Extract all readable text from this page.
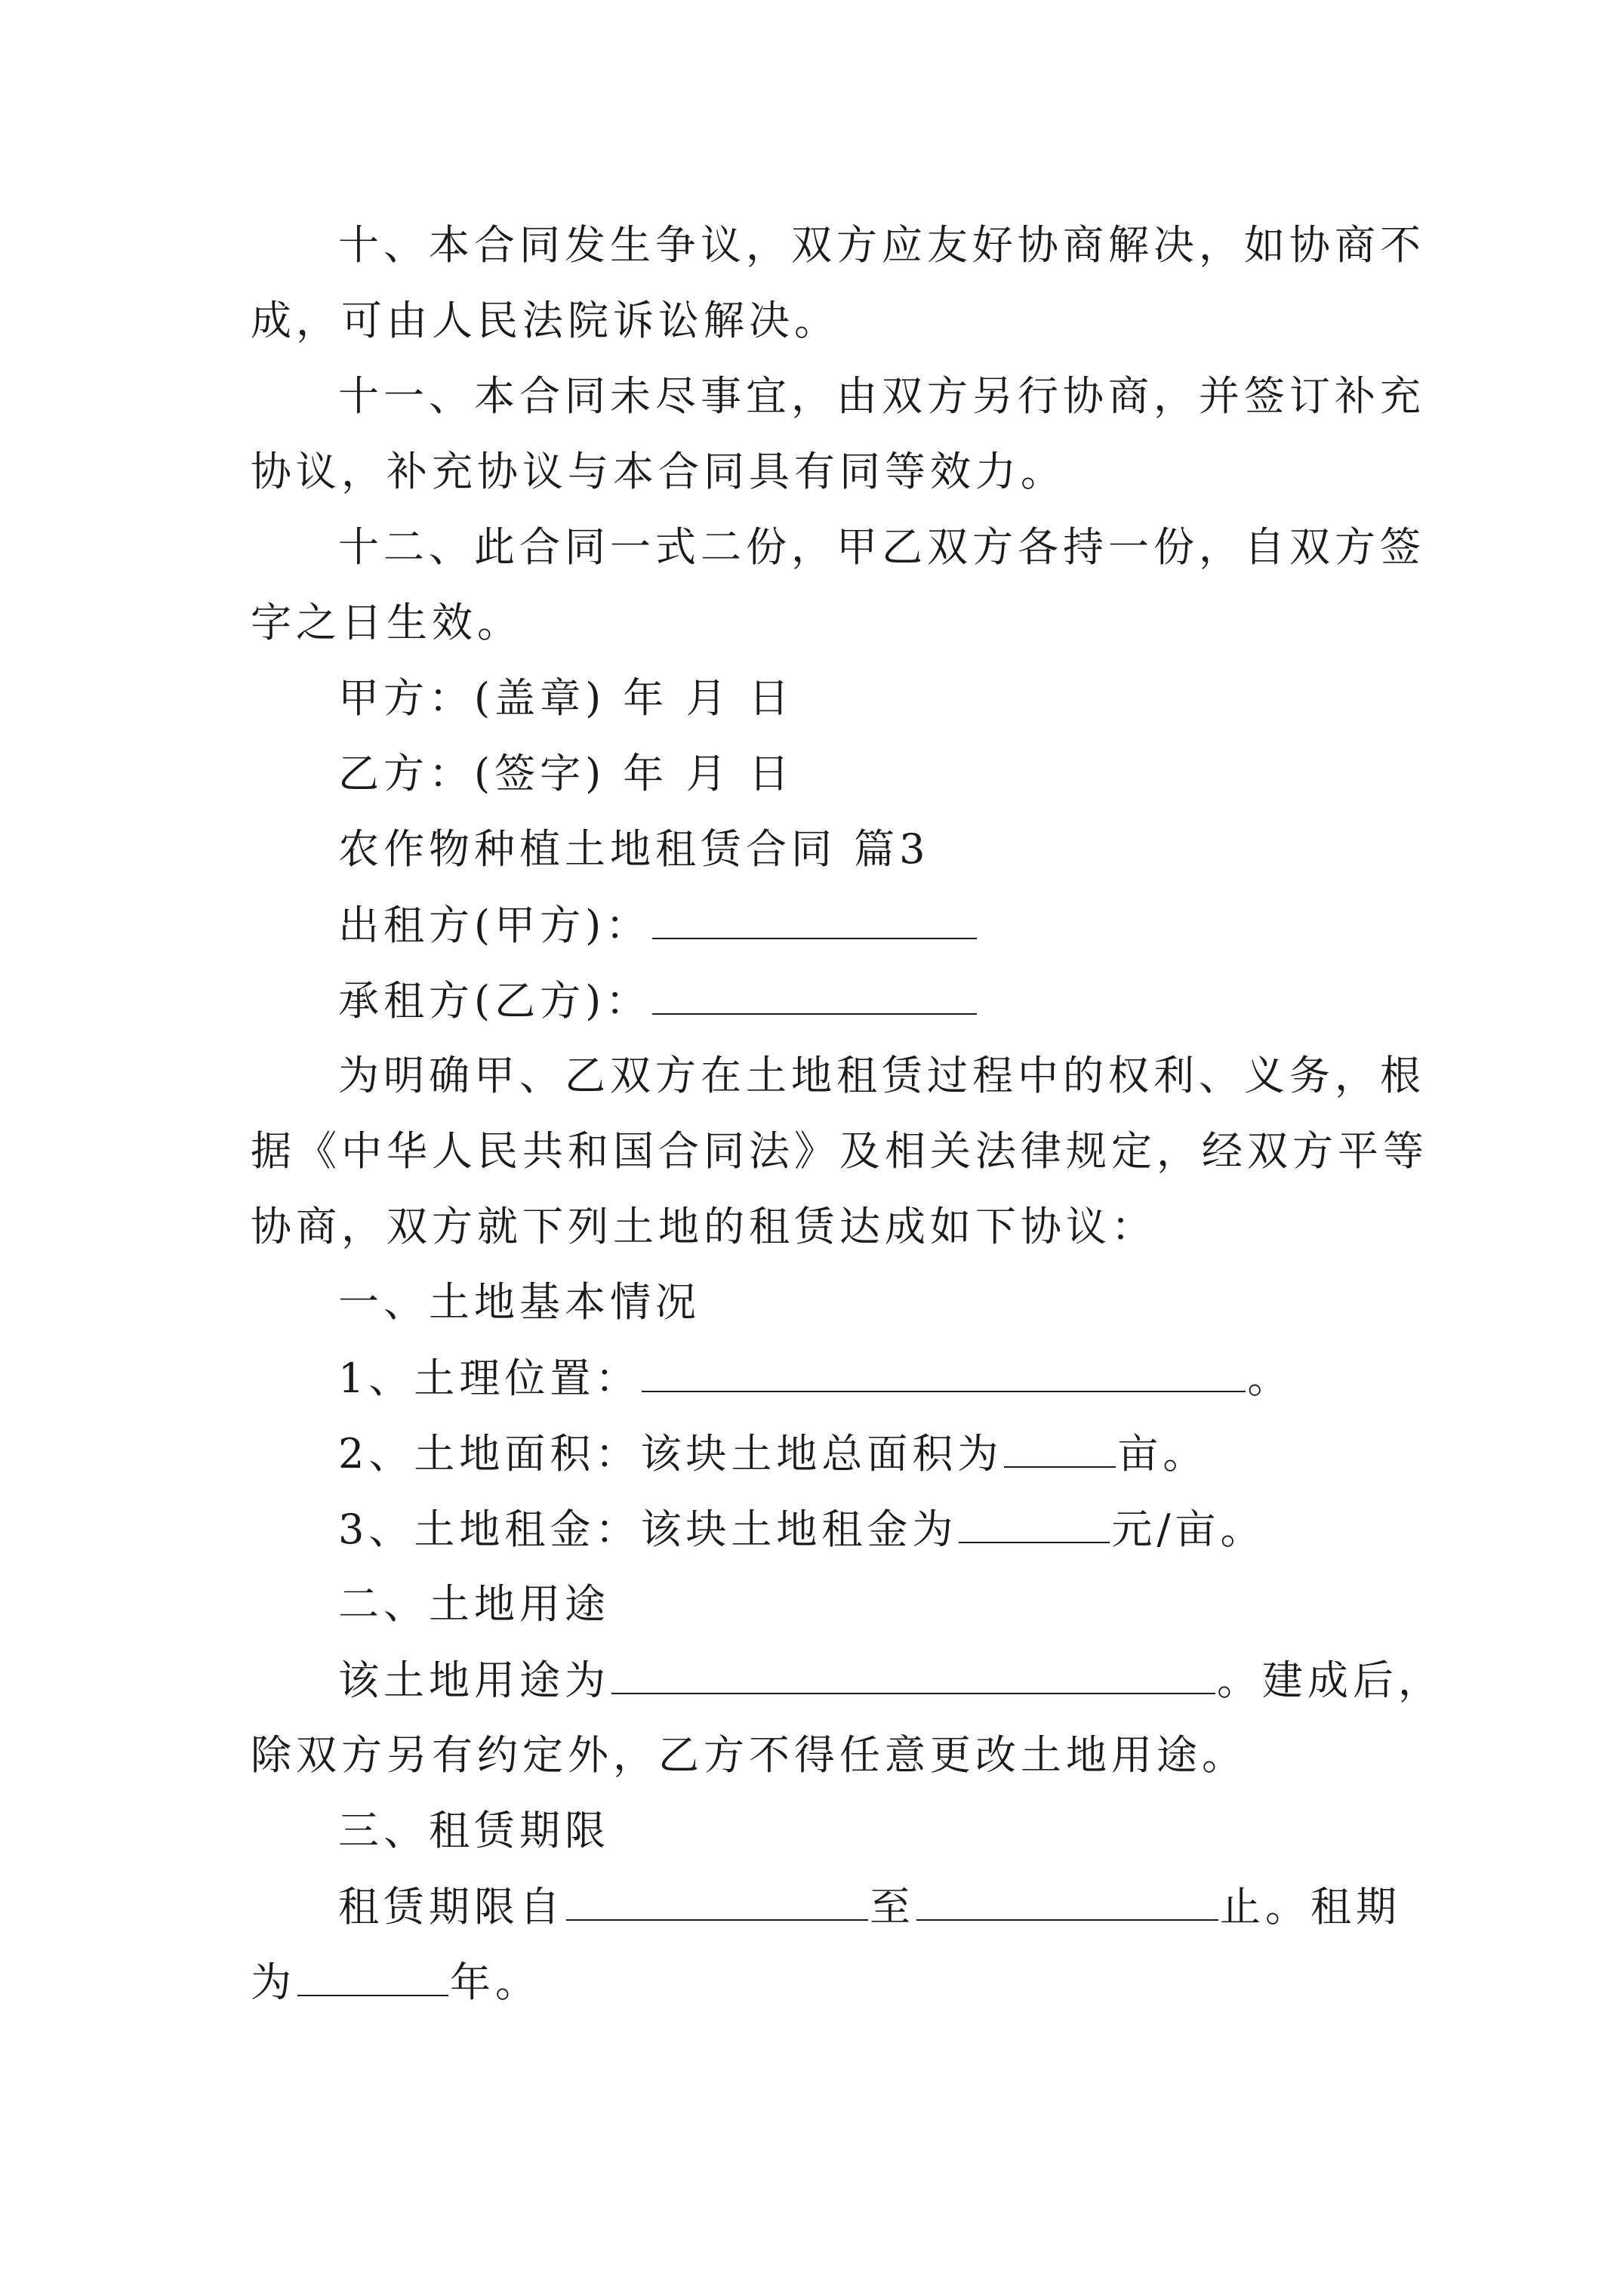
十、本合同发生争议，双方应友好协商解决，如协商不
成，可由人民法院诉讼解决。
十一、本合同未尽事宜，由双方另行协商，并签订补充
协议，补充协议与本合同具有同等效力。
十二、此合同一式二份，甲乙双方各持一份，自双方签
字之日生效。
甲方：(盖章) 年 月 日
乙方：(签字) 年 月 日
农作物种植土地租赁合同 篇3
出租方(甲方)：
承租方(乙方)：
为明确甲、乙双方在土地租赁过程中的权利、义务，根
据《中华人民共和国合同法》及相关法律规定，经双方平等
协商，双方就下列土地的租赁达成如下协议：
一、土地基本情况
1、土理位置：	。
2、土地面积：该块土地总面积为	亩。
3、土地租金：该块土地租金为	元/亩。
二、土地用途
该土地用途为	。建成后，
除双方另有约定外，乙方不得任意更改土地用途。
三、租赁期限
租赁期限自	至	止。租期
为	年。
